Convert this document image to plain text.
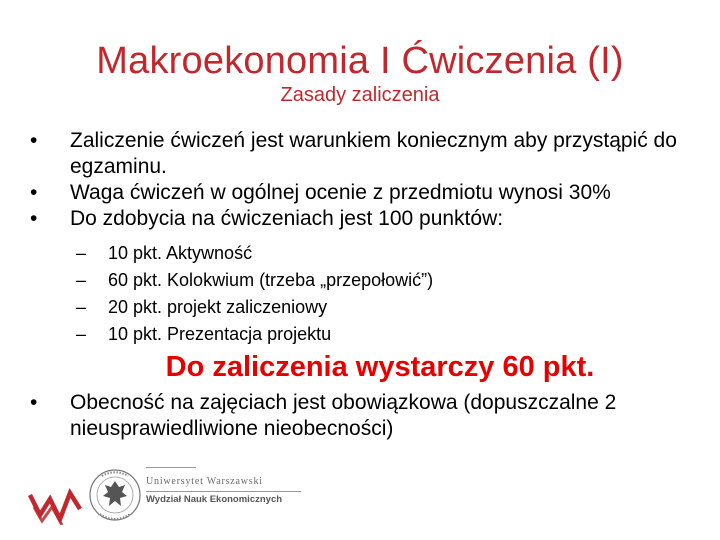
Makroekonomia I Ćwiczenia (I)
Zasady zaliczenia
•	Zaliczenie ćwiczeń jest warunkiem koniecznym aby przystąpić do egzaminu.
•	Waga ćwiczeń w ogólnej ocenie z przedmiotu wynosi 30%
•	Do zdobycia na ćwiczeniach jest 100 punktów:
– 10 pkt. Aktywność
– 60 pkt. Kolokwium (trzeba „przepołowić”)
– 20 pkt. projekt zaliczeniowy
– 10 pkt. Prezentacja projektu
Do zaliczenia wystarczy 60 pkt.
•	Obecność na zajęciach jest obowiązkowa (dopuszczalne 2 nieusprawiedliwione nieobecności)
Uniwersytet Warszawski
Wydział Nauk Ekonomicznych
